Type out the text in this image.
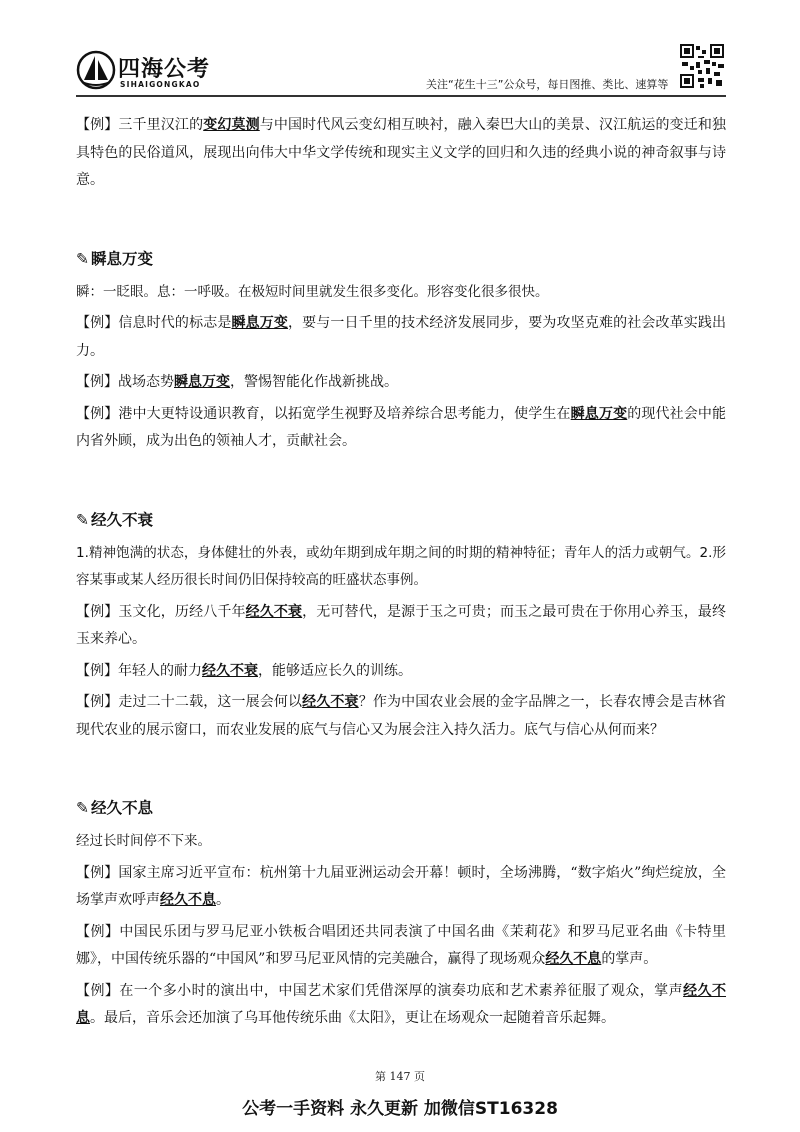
四海公考
SIHAIGONGKAO	关注“花生十三”公众号，每日图推、类比、速算等

【例】三千里汉江的变幻莫测与中国时代风云变幻相互映衬，融入秦巴大山的美景、汉江航运的变迁和独具特色的民俗道风，展现出向伟大中华文学传统和现实主义文学的回归和久违的经典小说的神奇叙事与诗意。

✎ 瞬息万变

瞬：一眨眼。息：一呼吸。在极短时间里就发生很多变化。形容变化很多很快。

【例】信息时代的标志是瞬息万变，要与一日千里的技术经济发展同步，要为攻坚克难的社会改革实践出力。

【例】战场态势瞬息万变，警惕智能化作战新挑战。

【例】港中大更特设通识教育，以拓宽学生视野及培养综合思考能力，使学生在瞬息万变的现代社会中能内省外顾，成为出色的领袖人才，贡献社会。

✎ 经久不衰

1.精神饱满的状态，身体健壮的外表，或幼年期到成年期之间的时期的精神特征；青年人的活力或朝气。2.形容某事或某人经历很长时间仍旧保持较高的旺盛状态事例。

【例】玉文化，历经八千年经久不衰，无可替代，是源于玉之可贵；而玉之最可贵在于你用心养玉，最终玉来养心。

【例】年轻人的耐力经久不衰，能够适应长久的训练。

【例】走过二十二载，这一展会何以经久不衰？作为中国农业会展的金字品牌之一，长春农博会是吉林省现代农业的展示窗口，而农业发展的底气与信心又为展会注入持久活力。底气与信心从何而来？

✎ 经久不息

经过长时间停不下来。

【例】国家主席习近平宣布：杭州第十九届亚洲运动会开幕！顿时，全场沸腾，“数字焰火”绚烂绽放，全场掌声欢呼声经久不息。

【例】中国民乐团与罗马尼亚小铁板合唱团还共同表演了中国名曲《茉莉花》和罗马尼亚名曲《卡特里娜》，中国传统乐器的“中国风”和罗马尼亚风情的完美融合，赢得了现场观众经久不息的掌声。

【例】在一个多小时的演出中，中国艺术家们凭借深厚的演奏功底和艺术素养征服了观众，掌声经久不息。最后，音乐会还加演了乌耳他传统乐曲《太阳》，更让在场观众一起随着音乐起舞。

第 147 页
公考一手资料 永久更新 加微信ST16328
